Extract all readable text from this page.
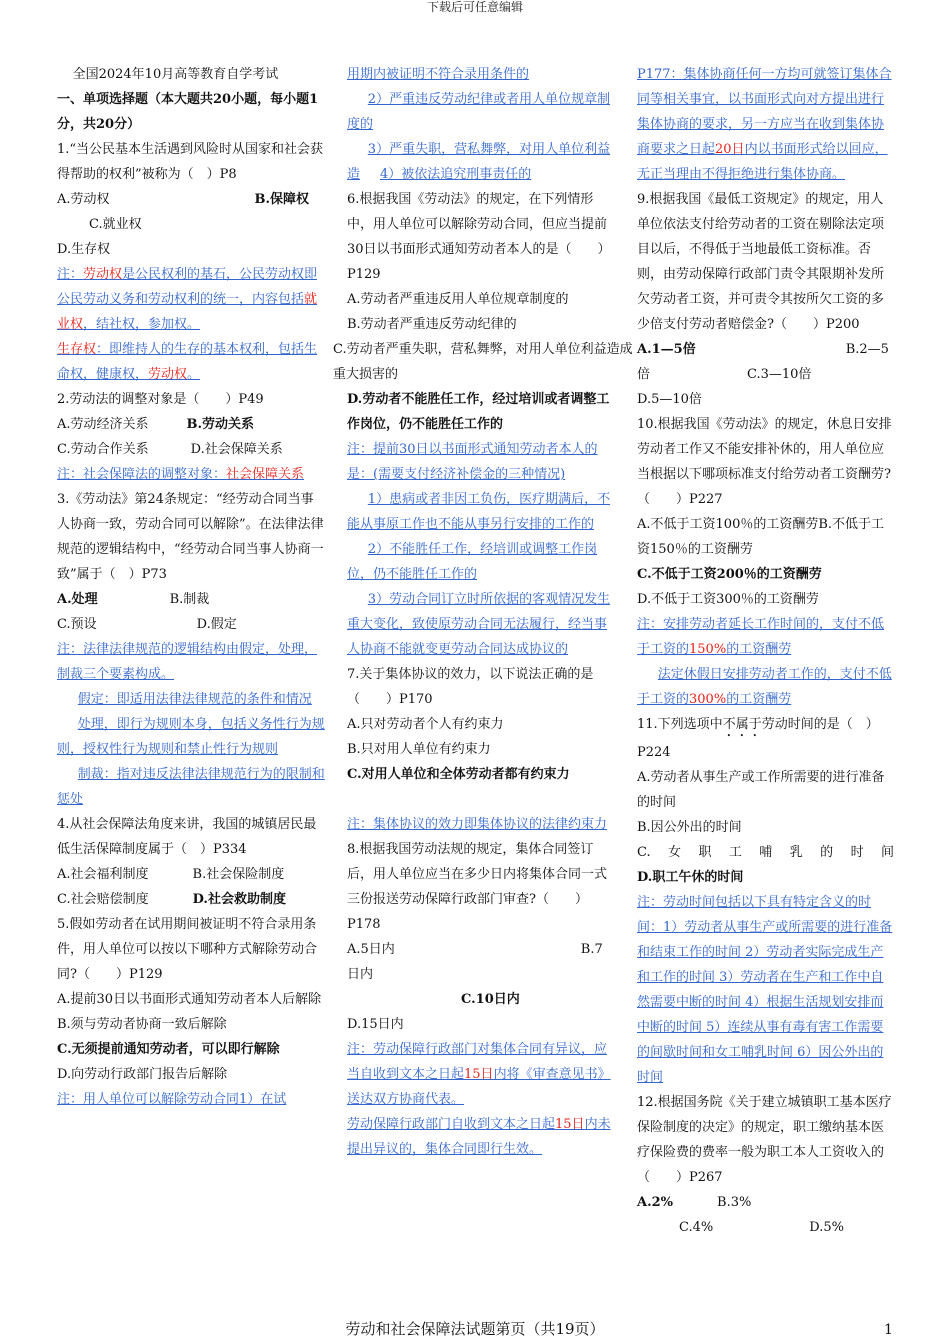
下载后可任意编辑

全国2024年10月高等教育自学考试

一、单项选择题（本大题共20小题，每小题1分，共20分）

1.“当公民基本生活遇到风险时从国家和社会获得帮助的权利”被称为（　）P8

A.劳动权	B.保障权C.就业权

D.生存权

注：劳动权是公民权利的基石，公民劳动权即公民劳动义务和劳动权利的统一，内容包括就业权，结社权，参加权。

生存权：即维持人的生存的基本权利，包括生命权，健康权，劳动权。

2.劳动法的调整对象是（　　）P49

A.劳动经济关系	B.劳动关系

C.劳动合作关系	D.社会保障关系

注：社会保障法的调整对象：社会保障关系

3.《劳动法》第24条规定：“经劳动合同当事人协商一致，劳动合同可以解除”。在法律法律规范的逻辑结构中，“经劳动合同当事人协商一致”属于（　）P73

A.处理	B.制裁

C.预设	D.假定

注：法律法律规范的逻辑结构由假定，处理，制裁三个要素构成。

假定：即适用法律法律规范的条件和情况

处理，即行为规则本身，包括义务性行为规则，授权性行为规则和禁止性行为规则

制裁：指对违反法律法律规范行为的限制和惩处

4.从社会保障法角度来讲，我国的城镇居民最低生活保障制度属于（　）P334

A.社会福利制度	B.社会保险制度

C.社会赔偿制度	D.社会救助制度

5.假如劳动者在试用期间被证明不符合录用条件，用人单位可以按以下哪种方式解除劳动合同?（　　）P129

A.提前30日以书面形式通知劳动者本人后解除

B.须与劳动者协商一致后解除

C.无须提前通知劳动者，可以即行解除

D.向劳动行政部门报告后解除

注：用人单位可以解除劳动合同1）在试

用期内被证明不符合录用条件的

2）严重违反劳动纪律或者用人单位规章制度的

3）严重失职，营私舞弊，对用人单位利益造 4）被依法追究刑事责任的

6.根据我国《劳动法》的规定，在下列情形中，用人单位可以解除劳动合同，但应当提前30日以书面形式通知劳动者本人的是（　　）P129

A.劳动者严重违反用人单位规章制度的

B.劳动者严重违反劳动纪律的

C.劳动者严重失职，营私舞弊，对用人单位利益造成重大损害的

D.劳动者不能胜任工作，经过培训或者调整工作岗位，仍不能胜任工作的

注：提前30日以书面形式通知劳动者本人的是：(需要支付经济补偿金的三种情况)

1）患病或者非因工负伤，医疗期满后，不能从事原工作也不能从事另行安排的工作的

2）不能胜任工作，经培训或调整工作岗位，仍不能胜任工作的

3）劳动合同订立时所依据的客观情况发生重大变化，致使原劳动合同无法履行，经当事人协商不能就变更劳动合同达成协议的

7.关于集体协议的效力，以下说法正确的是（　　）P170

A.只对劳动者个人有约束力

B.只对用人单位有约束力

C.对用人单位和全体劳动者都有约束力

注：集体协议的效力即集体协议的法律约束力

8.根据我国劳动法规的规定，集体合同签订后，用人单位应当在多少日内将集体合同一式三份报送劳动保障行政部门审查?（　　）P178

A.5日内	B.7日内

C.10日内

D.15日内

注：劳动保障行政部门对集体合同有异议，应当自收到文本之日起15日内将《审查意见书》送达双方协商代表。

劳动保障行政部门自收到文本之日起15日内未提出异议的，集体合同即行生效。

P177：集体协商任何一方均可就签订集体合同等相关事宜，以书面形式向对方提出进行集体协商的要求，另一方应当在收到集体协商要求之日起20日内以书面形式给以回应，无正当理由不得拒绝进行集体协商。

9.根据我国《最低工资规定》的规定，用人单位依法支付给劳动者的工资在剔除法定项目以后，不得低于当地最低工资标准。否则，由劳动保障行政部门责令其限期补发所欠劳动者工资，并可责令其按所欠工资的多少倍支付劳动者赔偿金?（　　）P200

A.1—5倍	B.2—5倍	C.3—10倍

D.5—10倍

10.根据我国《劳动法》的规定，休息日安排劳动者工作又不能安排补休的，用人单位应当根据以下哪项标准支付给劳动者工资酬劳?（　　）P227

A.不低于工资100％的工资酬劳B.不低于工资150％的工资酬劳

C.不低于工资200％的工资酬劳

D.不低于工资300％的工资酬劳

注：安排劳动者延长工作时间的，支付不低于工资的150%的工资酬劳

法定休假日安排劳动者工作的，支付不低于工资的300%的工资酬劳

11.下列选项中不属于劳动时间的是（　）P224

A.劳动者从事生产或工作所需要的进行准备的时间

B.因公外出的时间

C.女职工哺乳的时间

D.职工午休的时间

注：劳动时间包括以下具有特定含义的时间：1）劳动者从事生产或所需要的进行准备和结束工作的时间 2）劳动者实际完成生产和工作的时间 3）劳动者在生产和工作中自然需要中断的时间 4）根据生活规划安排而中断的时间 5）连续从事有毒有害工作需要的间歇时间和女工哺乳时间 6）因公外出的时间

12.根据国务院《关于建立城镇职工基本医疗保险制度的决定》的规定，职工缴纳基本医疗保险费的费率一般为职工本人工资收入的（　　）P267

A.2%	B.3%

C.4%	D.5%

劳动和社会保障法试题第页（共19页）	1
